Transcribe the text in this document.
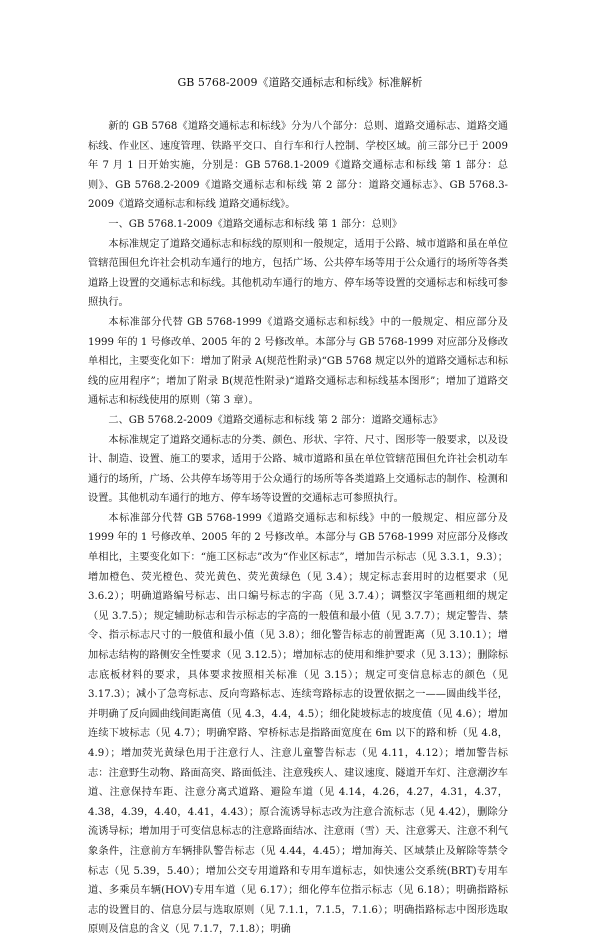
GB 5768-2009《道路交通标志和标线》标准解析

新的 GB 5768《道路交通标志和标线》分为八个部分：总则、道路交通标志、道路交通标线、作业区、速度管理、铁路平交口、自行车和行人控制、学校区域。前三部分已于 2009 年 7 月 1 日开始实施，分别是：GB 5768.1-2009《道路交通标志和标线 第 1 部分：总则》、GB 5768.2-2009《道路交通标志和标线 第 2 部分：道路交通标志》、GB 5768.3-2009《道路交通标志和标线 道路交通标线》。

一、GB 5768.1-2009《道路交通标志和标线 第 1 部分：总则》

本标准规定了道路交通标志和标线的原则和一般规定，适用于公路、城市道路和虽在单位管辖范围但允许社会机动车通行的地方，包括广场、公共停车场等用于公众通行的场所等各类道路上设置的交通标志和标线。其他机动车通行的地方、停车场等设置的交通标志和标线可参照执行。

本标准部分代替 GB 5768-1999《道路交通标志和标线》中的一般规定、相应部分及 1999 年的 1 号修改单、2005 年的 2 号修改单。本部分与 GB 5768-1999 对应部分及修改单相比，主要变化如下：增加了附录 A(规范性附录)“GB 5768 规定以外的道路交通标志和标线的应用程序”；增加了附录 B(规范性附录)“道路交通标志和标线基本图形”；增加了道路交通标志和标线使用的原则（第 3 章）。

二、GB 5768.2-2009《道路交通标志和标线 第 2 部分：道路交通标志》

本标准规定了道路交通标志的分类、颜色、形状、字符、尺寸、图形等一般要求，以及设计、制造、设置、施工的要求，适用于公路、城市道路和虽在单位管辖范围但允许社会机动车通行的场所，广场、公共停车场等用于公众通行的场所等各类道路上交通标志的制作、检测和设置。其他机动车通行的地方、停车场等设置的交通标志可参照执行。

本标准部分代替 GB 5768-1999《道路交通标志和标线》中的一般规定、相应部分及 1999 年的 1 号修改单、2005 年的 2 号修改单。本部分与 GB 5768-1999 对应部分及修改单相比，主要变化如下：“施工区标志”改为“作业区标志”，增加告示标志（见 3.3.1，9.3）；增加橙色、荧光橙色、荧光黄色、荧光黄绿色（见 3.4）；规定标志套用时的边框要求（见 3.6.2）；明确道路编号标志、出口编号标志的字高（见 3.7.4）；调整汉字笔画粗细的规定（见 3.7.5）；规定辅助标志和告示标志的字高的一般值和最小值（见 3.7.7）；规定警告、禁令、指示标志尺寸的一般值和最小值（见 3.8）；细化警告标志的前置距离（见 3.10.1）；增加标志结构的路侧安全性要求（见 3.12.5）；增加标志的使用和维护要求（见 3.13）；删除标志底板材料的要求，具体要求按照相关标准（见 3.15）；规定可变信息标志的颜色（见 3.17.3）；减小了急弯标志、反向弯路标志、连续弯路标志的设置依据之一——圆曲线半径，并明确了反向圆曲线间距离值（见 4.3，4.4，4.5）；细化陡坡标志的坡度值（见 4.6）；增加连续下坡标志（见 4.7）；明确窄路、窄桥标志是指路面宽度在 6m 以下的路和桥（见 4.8，4.9）；增加荧光黄绿色用于注意行人、注意儿童警告标志（见 4.11，4.12）；增加警告标志：注意野生动物、路面高突、路面低洼、注意残疾人、建议速度、隧道开车灯、注意潮汐车道、注意保持车距、注意分离式道路、避险车道（见 4.14，4.26，4.27，4.31，4.37，4.38，4.39，4.40，4.41，4.43）；原合流诱导标志改为注意合流标志（见 4.42），删除分流诱导标；增加用于可变信息标志的注意路面结冰、注意雨（雪）天、注意雾天、注意不利气象条件，注意前方车辆排队警告标志（见 4.44，4.45）；增加海关、区域禁止及解除等禁令标志（见 5.39，5.40）；增加公交专用道路和专用车道标志，如快速公交系统(BRT)专用车道、多乘员车辆(HOV)专用车道（见 6.17）；细化停车位指示标志（见 6.18）；明确指路标志的设置目的、信息分层与选取原则（见 7.1.1，7.1.5，7.1.6）；明确指路标志中图形选取原则及信息的含义（见 7.1.7，7.1.8）；明确
